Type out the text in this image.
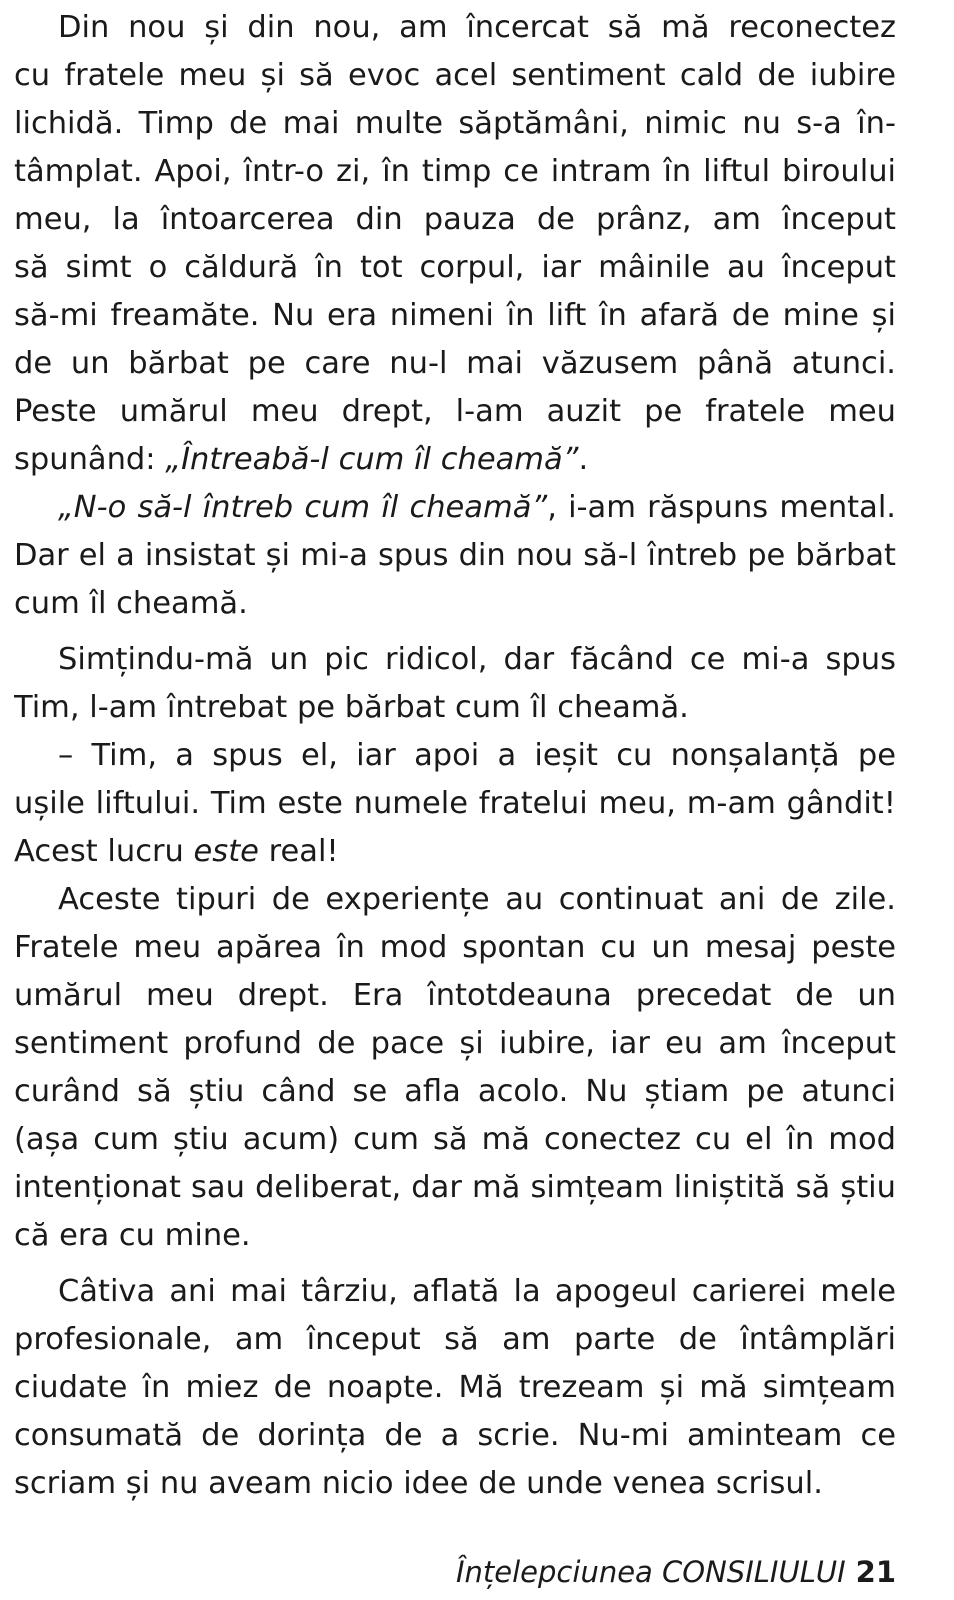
Din nou și din nou, am încercat să mă reconectez
cu fratele meu și să evoc acel sentiment cald de iubire
lichidă. Timp de mai multe săptămâni, nimic nu s-a în-
tâmplat. Apoi, într-o zi, în timp ce intram în liftul biroului
meu, la întoarcerea din pauza de prânz, am început
să simt o căldură în tot corpul, iar mâinile au început
să-mi freamăte. Nu era nimeni în lift în afară de mine și
de un bărbat pe care nu-l mai văzusem până atunci.
Peste umărul meu drept, l-am auzit pe fratele meu
spunând: „Întreabă-l cum îl cheamă”.
„N-o să-l întreb cum îl cheamă”, i-am răspuns mental.
Dar el a insistat și mi-a spus din nou să-l întreb pe bărbat
cum îl cheamă.
Simțindu-mă un pic ridicol, dar făcând ce mi-a spus
Tim, l-am întrebat pe bărbat cum îl cheamă.
– Tim, a spus el, iar apoi a ieșit cu nonșalanță pe
ușile liftului. Tim este numele fratelui meu, m-am gândit!
Acest lucru este real!
Aceste tipuri de experiențe au continuat ani de zile.
Fratele meu apărea în mod spontan cu un mesaj peste
umărul meu drept. Era întotdeauna precedat de un
sentiment profund de pace și iubire, iar eu am început
curând să știu când se afla acolo. Nu știam pe atunci
(așa cum știu acum) cum să mă conectez cu el în mod
intenționat sau deliberat, dar mă simțeam liniștită să știu
că era cu mine.
Câtiva ani mai târziu, aflată la apogeul carierei mele
profesionale, am început să am parte de întâmplări
ciudate în miez de noapte. Mă trezeam și mă simțeam
consumată de dorința de a scrie. Nu-mi aminteam ce
scriam și nu aveam nicio idee de unde venea scrisul.
Înțelepciunea CONSILIULUI 21
